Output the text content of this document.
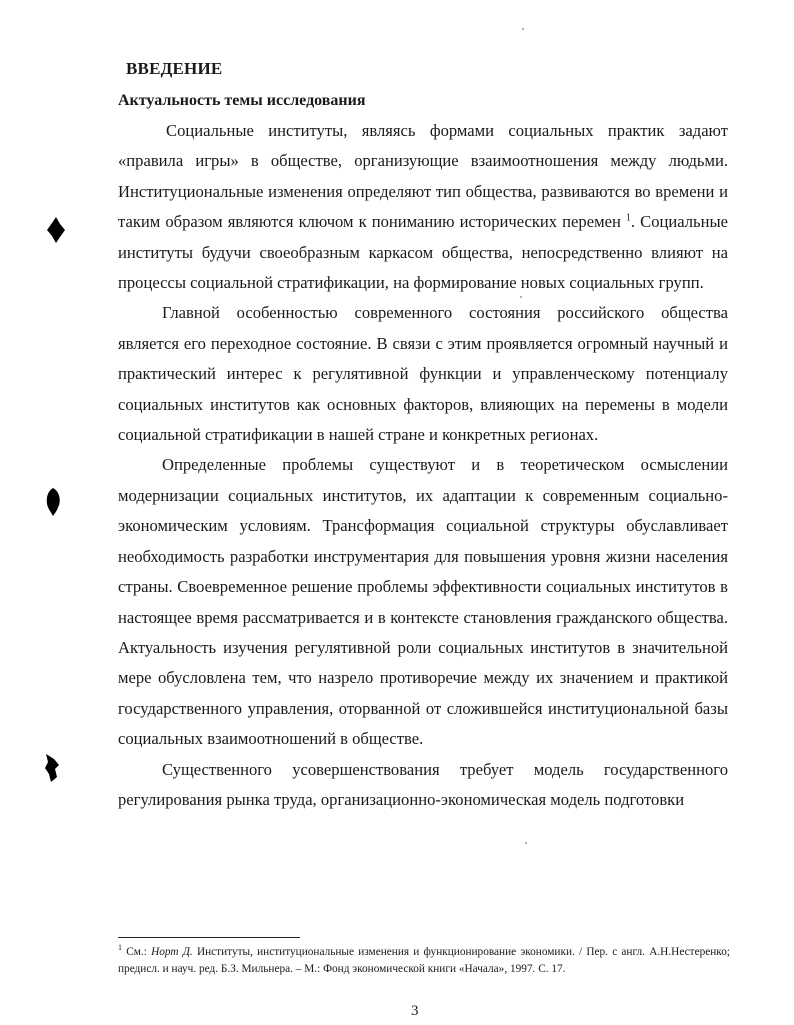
ВВЕДЕНИЕ
Актуальность темы исследования

Социальные институты, являясь формами социальных практик задают «правила игры» в обществе, организующие взаимоотношения между людьми. Институциональные изменения определяют тип общества, развиваются во времени и таким образом являются ключом к пониманию исторических перемен $^1$. Социальные институты будучи своеобразным каркасом общества, непосредственно влияют на процессы социальной стратификации, на формирование новых социальных групп.

Главной особенностью современного состояния российского общества является его переходное состояние. В связи с этим проявляется огромный научный и практический интерес к регулятивной функции и управленческому потенциалу социальных институтов как основных факторов, влияющих на перемены в модели социальной стратификации в нашей стране и конкретных регионах.

Определенные проблемы существуют и в теоретическом осмыслении модернизации социальных институтов, их адаптации к современным социально-экономическим условиям. Трансформация социальной структуры обуславливает необходимость разработки инструментария для повышения уровня жизни населения страны. Своевременное решение проблемы эффективности социальных институтов в настоящее время рассматривается и в контексте становления гражданского общества. Актуальность изучения регулятивной роли социальных институтов в значительной мере обусловлена тем, что назрело противоречие между их значением и практикой государственного управления, оторванной от сложившейся институциональной базы социальных взаимоотношений в обществе.

Существенного усовершенствования требует модель государственного регулирования рынка труда, организационно-экономическая модель подготовки

$^1$ См.: Норт Д. Институты, институциональные изменения и функционирование экономики. / Пер. с англ. А.Н.Нестеренко; предисл. и науч. ред. Б.З. Мильнера. – М.: Фонд экономической книги «Начала», 1997. С. 17.
3
